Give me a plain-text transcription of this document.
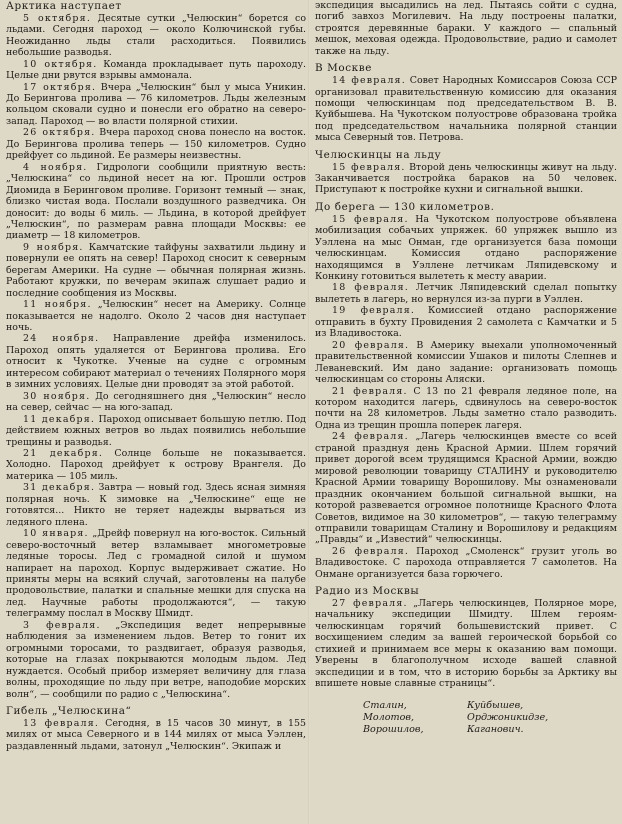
Арктика наступает

5 октября. Десятые сутки „Челюскин“ борется со льдами. Сегодня пароход — около Колючинской губы. Неожиданно льды стали расходиться. Появились небольшие разводья.

10 октября. Команда прокладывает путь пароходу. Целые дни рвутся взрывы аммонала.

17 октября. Вчера „Челюскин“ был у мыса Уникин. До Берингова пролива — 76 километров. Льды железным кольцом сковали судно и понесли его обратно на северо-запад. Пароход — во власти полярной стихии.

26 октября. Вчера пароход снова понесло на восток. До Берингова пролива теперь — 150 километров. Судно дрейфует со льдиной. Ее размеры неизвестны.

4 ноября. Гидрологи сообщили приятную весть: „Челюскина“ со льдиной несет на юг. Прошли остров Диомида в Беринговом проливе. Горизонт темный — знак, близко чистая вода. Послали воздушного разведчика. Он доносит: до воды 6 миль. — Льдина, в которой дрейфует „Челюскин“, по размерам равна площади Москвы: ее диаметр — 18 километров.

9 ноября. Камчатские тайфуны захватили льдину и повернули ее опять на север! Пароход сносит к северным берегам Америки. На судне — обычная полярная жизнь. Работают кружки, по вечерам экипаж слушает радио и последние сообщения из Москвы.

11 ноября. „Челюскин“ несет на Америку. Солнце показывается не надолго. Около 2 часов дня наступает ночь.

24 ноября. Направление дрейфа изменилось. Пароход опять удаляется от Берингова пролива. Его относит к Чукотке. Ученые на судне с огромным интересом собирают материал о течениях Полярного моря в зимних условиях. Целые дни проводят за этой работой.

30 ноября. До сегодняшнего дня „Челюскин“ несло на север, сейчас — на юго-запад.

11 декабря. Пароход описывает большую петлю. Под действием южных ветров во льдах появились небольшие трещины и разводья.

21 декабря. Солнце больше не показывается. Холодно. Пароход дрейфует к острову Врангеля. До материка — 105 миль.

31 декабря. Завтра — новый год. Здесь ясная зимняя полярная ночь. К зимовке на „Челюскине“ еще не готовятся... Никто не теряет надежды вырваться из ледяного плена.

10 января. „Дрейф повернул на юго-восток. Сильный северо-восточный ветер взламывает многометровые ледяные торосы. Лед с громадной силой и шумом напирает на пароход. Корпус выдерживает сжатие. Но приняты меры на всякий случай, заготовлены на палубе продовольствие, палатки и спальные мешки для спуска на лед. Научные работы продолжаются“, — такую телеграмму послал в Москву Шмидт.

3 февраля. „Экспедиция ведет непрерывные наблюдения за изменением льдов. Ветер то гонит их огромными торосами, то раздвигает, образуя разводья, которые на глазах покрываются молодым льдом. Лед нуждается. Особый прибор измеряет величину для глаза волны, проходящие по льду при ветре, наподобие морских волн“, — сообщили по радио с „Челюскина“.

Гибель „Челюскина“

13 февраля. Сегодня, в 15 часов 30 минут, в 155 милях от мыса Северного и в 144 милях от мыса Уэллен, раздавленный льдами, затонул „Челюскин“. Экипаж и

экспедиция высадились на лед. Пытаясь сойти с судна, погиб завхоз Могилевич. На льду построены палатки, строятся деревянные бараки. У каждого — спальный мешок, меховая одежда. Продовольствие, радио и самолет также на льду.

В Москве

14 февраля. Совет Народных Комиссаров Союза ССР организовал правительственную комиссию для оказания помощи челюскинцам под председательством В. В. Куйбышева. На Чукотском полуострове образована тройка под председательством начальника полярной станции мыса Северный тов. Петрова.

Челюскинцы на льду

15 февраля. Второй день челюскинцы живут на льду. Заканчивается постройка бараков на 50 человек. Приступают к постройке кухни и сигнальной вышки.

До берега — 130 километров.

15 февраля. На Чукотском полуострове объявлена мобилизация собачьих упряжек. 60 упряжек вышло из Уэллена на мыс Онман, где организуется база помощи челюскинцам. Комиссия отдано распоряжение находящимся в Уэллене летчикам Ляпидевскому и Конкину готовиться вылететь к месту аварии.

18 февраля. Летчик Ляпидевский сделал попытку вылететь в лагерь, но вернулся из-за пурги в Уэллен.

19 февраля. Комиссией отдано распоряжение отправить в бухту Провидения 2 самолета с Камчатки и 5 из Владивостока.

20 февраля. В Америку выехали уполномоченный правительственной комиссии Ушаков и пилоты Слепнев и Леваневский. Им дано задание: организовать помощь челюскинцам со стороны Аляски.

21 февраля. С 13 по 21 февраля ледяное поле, на котором находится лагерь, сдвинулось на северо-восток почти на 28 километров. Льды заметно стало разводить. Одна из трещин прошла поперек лагеря.

24 февраля. „Лагерь челюскинцев вместе со всей страной празднуя день Красной Армии. Шлем горячий привет дорогой всем трудящимся Красной Армии, вождю мировой революции товарищу СТАЛИНУ и руководителю Красной Армии товарищу Ворошилову. Мы ознаменовали праздник окончанием большой сигнальной вышки, на которой развевается огромное полотнище Красного Флота Советов, видимое на 30 километров“, — такую телеграмму отправили товарищам Сталину и Ворошилову и редакциям „Правды“ и „Известий“ челюскинцы.

26 февраля. Пароход „Смоленск“ грузит уголь во Владивостоке. С парохода отправляется 7 самолетов. На Онмане организуется база горючего.

Радио из Москвы

27 февраля. „Лагерь челюскинцев, Полярное море, начальнику экспедиции Шмидту. Шлем героям-челюскинцам горячий большевистский привет. С восхищением следим за вашей героической борьбой со стихией и принимаем все меры к оказанию вам помощи. Уверены в благополучном исходе вашей славной экспедиции и в том, что в историю борьбы за Арктику вы впишете новые славные страницы“.

Сталин,	Куйбышев,
Молотов,	Орджоникидзе,
Ворошилов,	Каганович.
